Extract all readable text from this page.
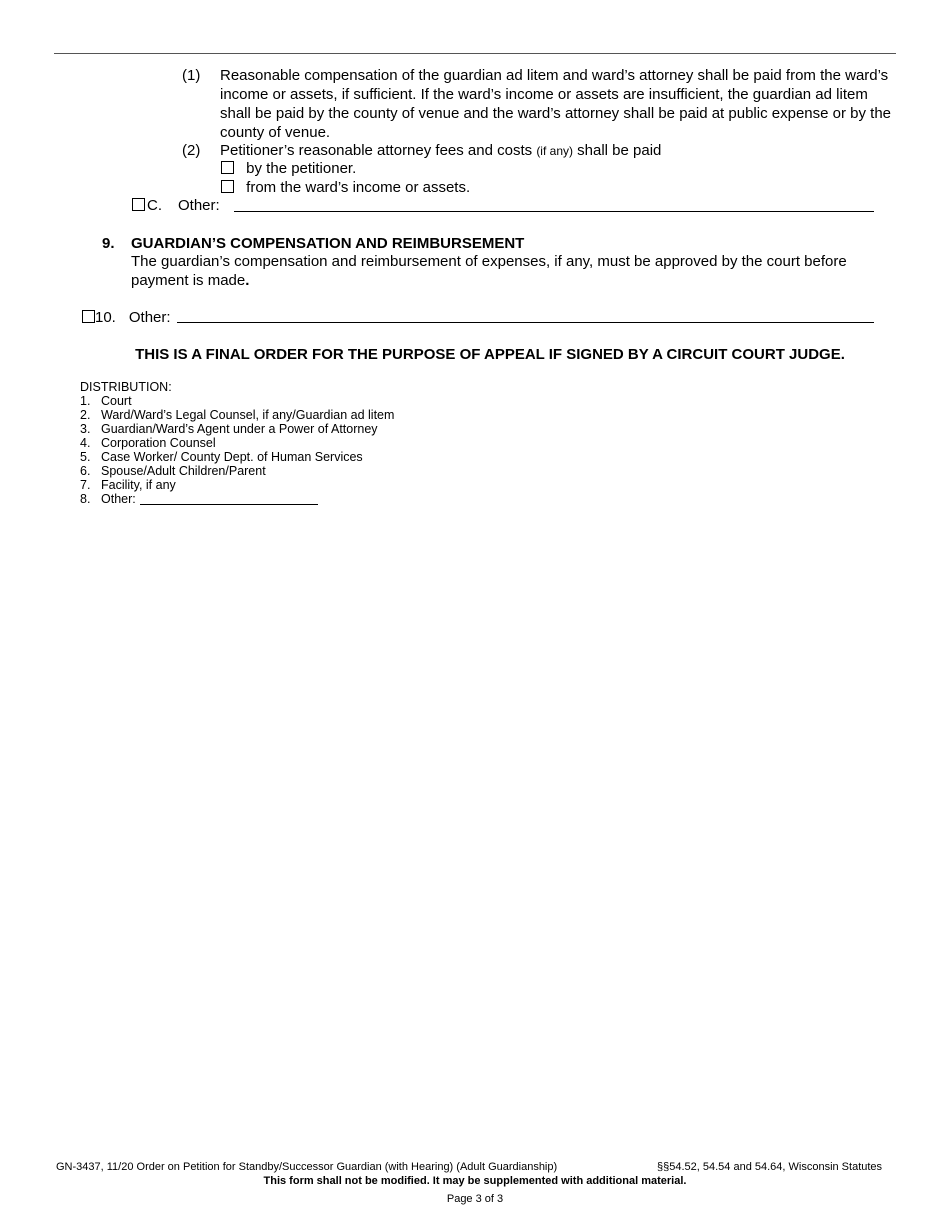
(1) Reasonable compensation of the guardian ad litem and ward’s attorney shall be paid from the ward’s income or assets, if sufficient. If the ward’s income or assets are insufficient, the guardian ad litem shall be paid by the county of venue and the ward’s attorney shall be paid at public expense or by the county of venue.
(2) Petitioner’s reasonable attorney fees and costs (if any) shall be paid
by the petitioner.
from the ward’s income or assets.
C. Other:
9. GUARDIAN’S COMPENSATION AND REIMBURSEMENT
The guardian’s compensation and reimbursement of expenses, if any, must be approved by the court before payment is made.
10. Other:
THIS IS A FINAL ORDER FOR THE PURPOSE OF APPEAL IF SIGNED BY A CIRCUIT COURT JUDGE.
DISTRIBUTION:
1. Court
2. Ward/Ward’s Legal Counsel, if any/Guardian ad litem
3. Guardian/Ward’s Agent under a Power of Attorney
4. Corporation Counsel
5. Case Worker/ County Dept. of Human Services
6. Spouse/Adult Children/Parent
7. Facility, if any
8. Other:
GN-3437, 11/20 Order on Petition for Standby/Successor Guardian (with Hearing) (Adult Guardianship)	§§54.52, 54.54 and 54.64, Wisconsin Statutes
This form shall not be modified. It may be supplemented with additional material.
Page 3 of 3
